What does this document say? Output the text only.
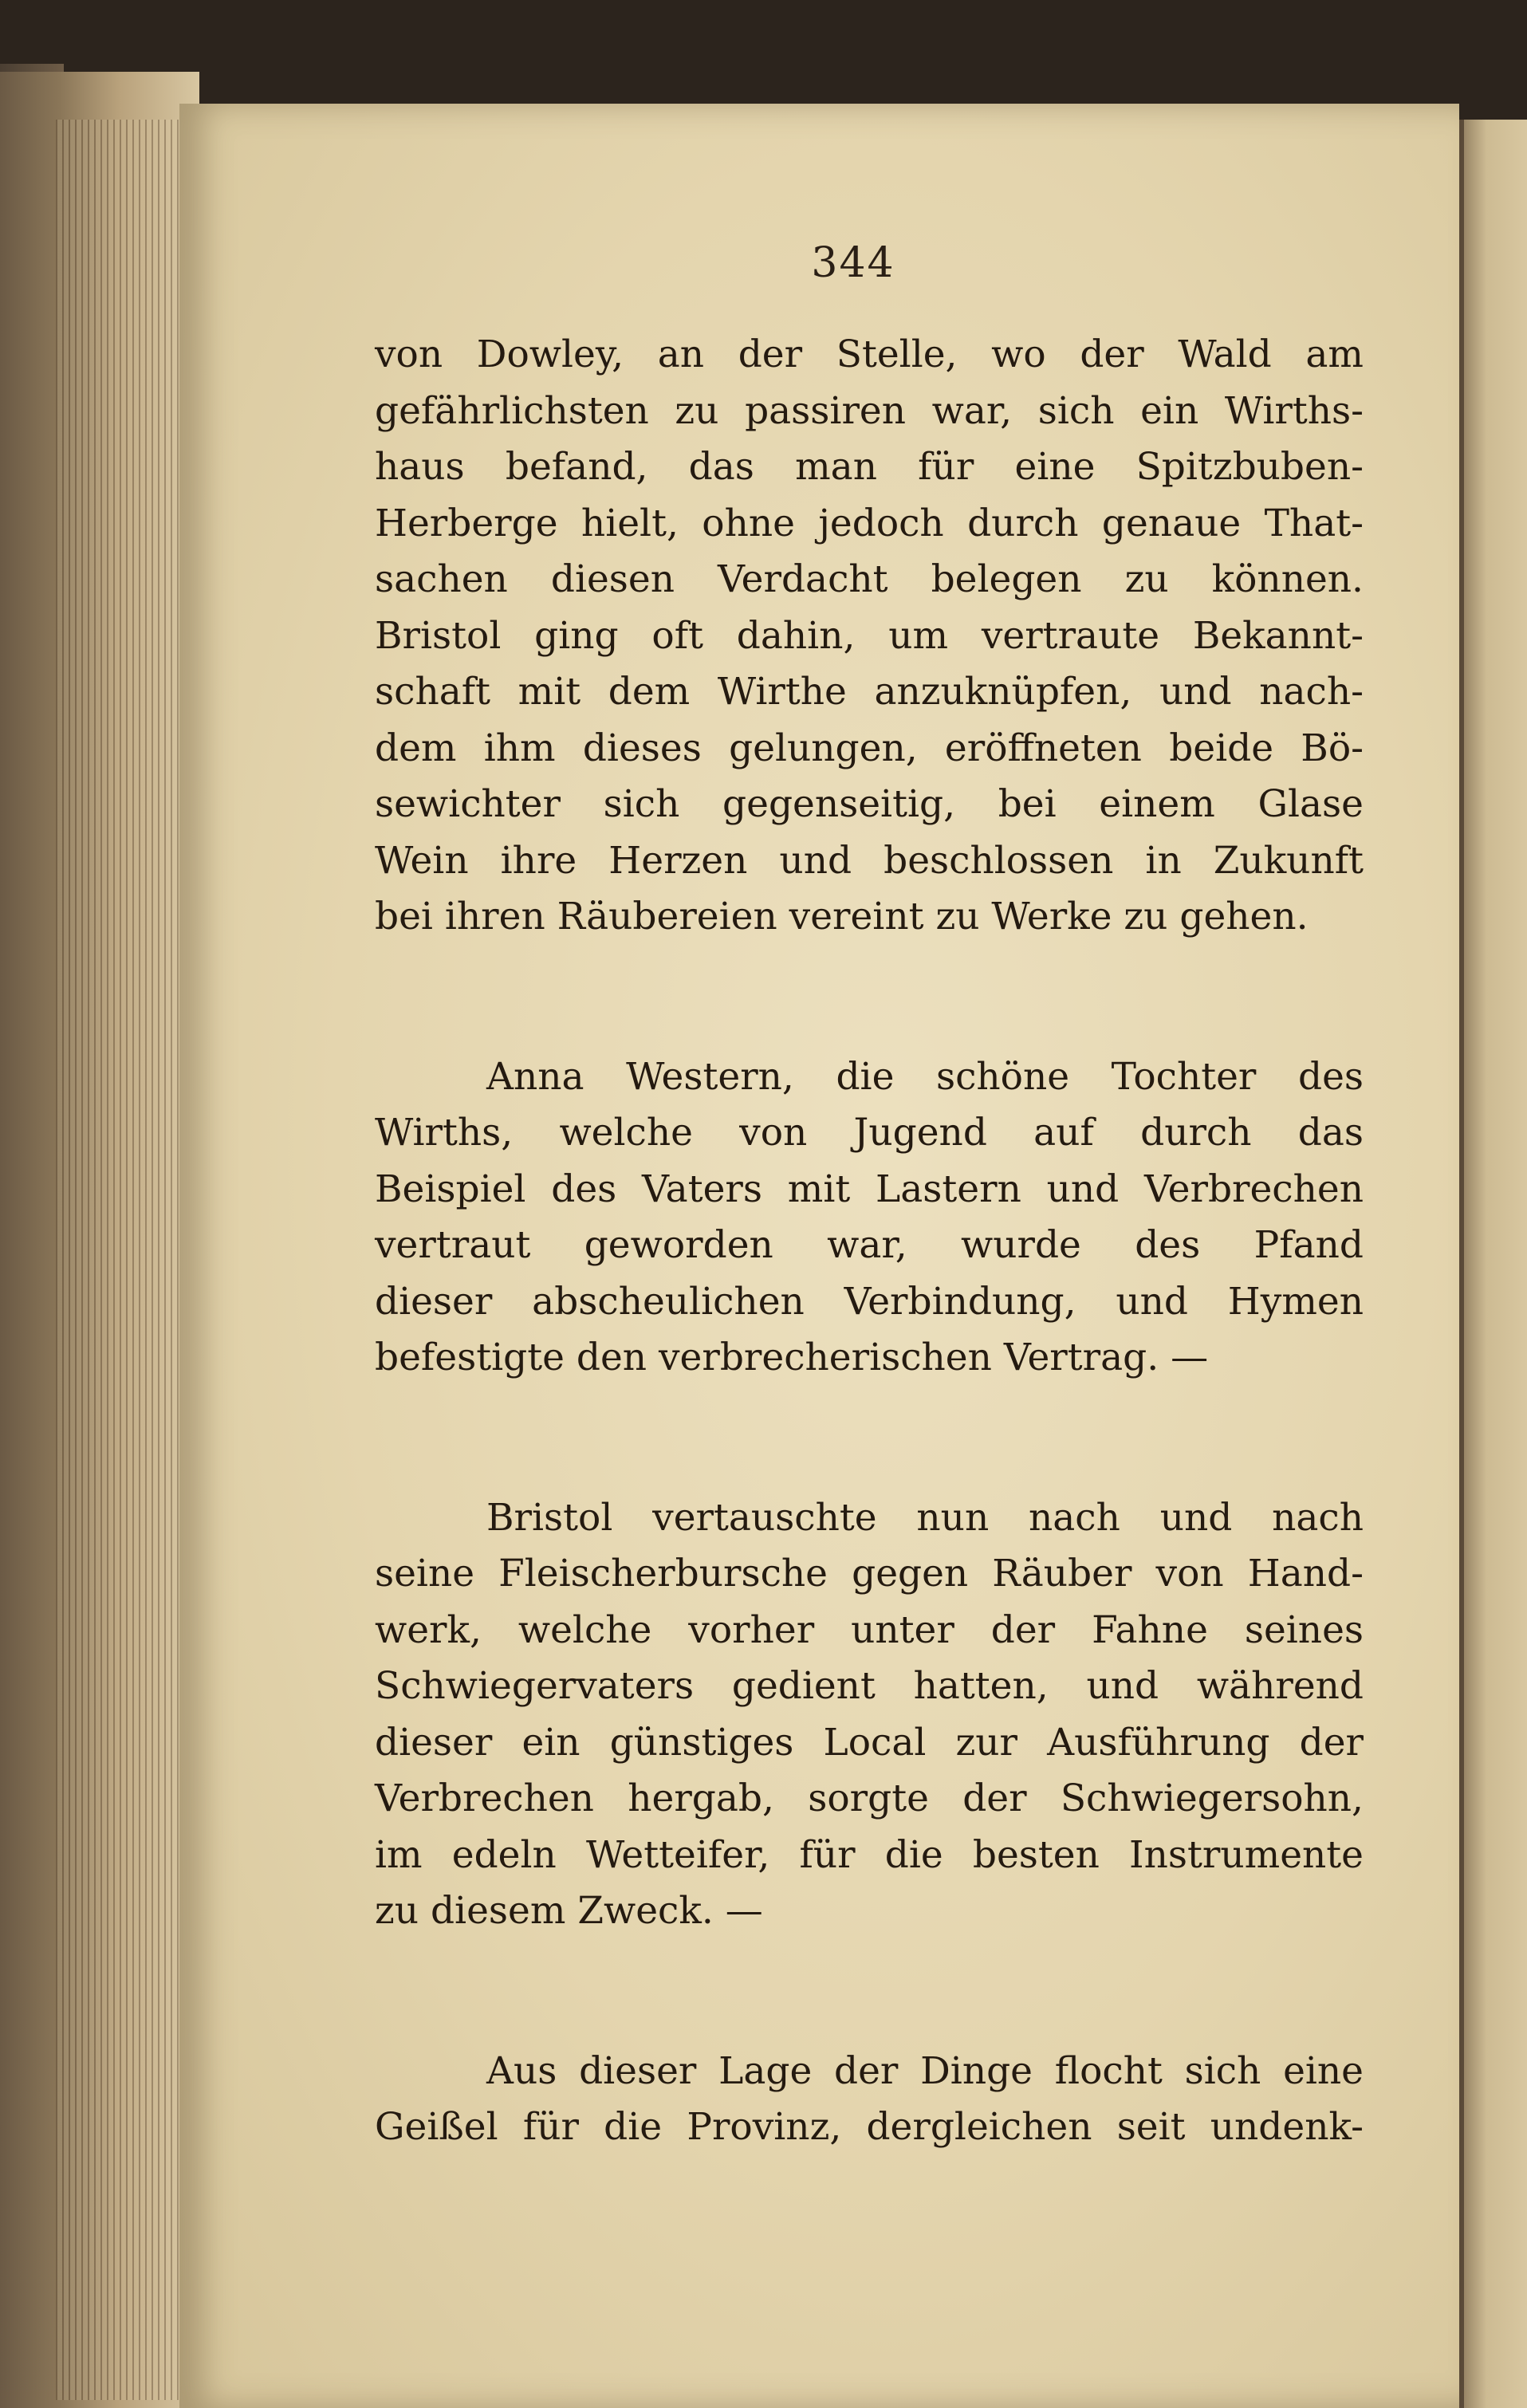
344
von Dowley, an der Stelle, wo der Wald am
gefährlichsten zu passiren war, sich ein Wirths-
haus befand, das man für eine Spitzbuben-
Herberge hielt, ohne jedoch durch genaue That-
sachen diesen Verdacht belegen zu können.
Bristol ging oft dahin, um vertraute Bekannt-
schaft mit dem Wirthe anzuknüpfen, und nach-
dem ihm dieses gelungen, eröffneten beide Bö-
sewichter sich gegenseitig, bei einem Glase
Wein ihre Herzen und beschlossen in Zukunft
bei ihren Räubereien vereint zu Werke zu gehen.
Anna Western, die schöne Tochter des
Wirths, welche von Jugend auf durch das
Beispiel des Vaters mit Lastern und Verbrechen
vertraut geworden war, wurde des Pfand
dieser abscheulichen Verbindung, und Hymen
befestigte den verbrecherischen Vertrag. —
Bristol vertauschte nun nach und nach
seine Fleischerbursche gegen Räuber von Hand-
werk, welche vorher unter der Fahne seines
Schwiegervaters gedient hatten, und während
dieser ein günstiges Local zur Ausführung der
Verbrechen hergab, sorgte der Schwiegersohn,
im edeln Wetteifer, für die besten Instrumente
zu diesem Zweck. —
Aus dieser Lage der Dinge flocht sich eine
Geißel für die Provinz, dergleichen seit undenk-
